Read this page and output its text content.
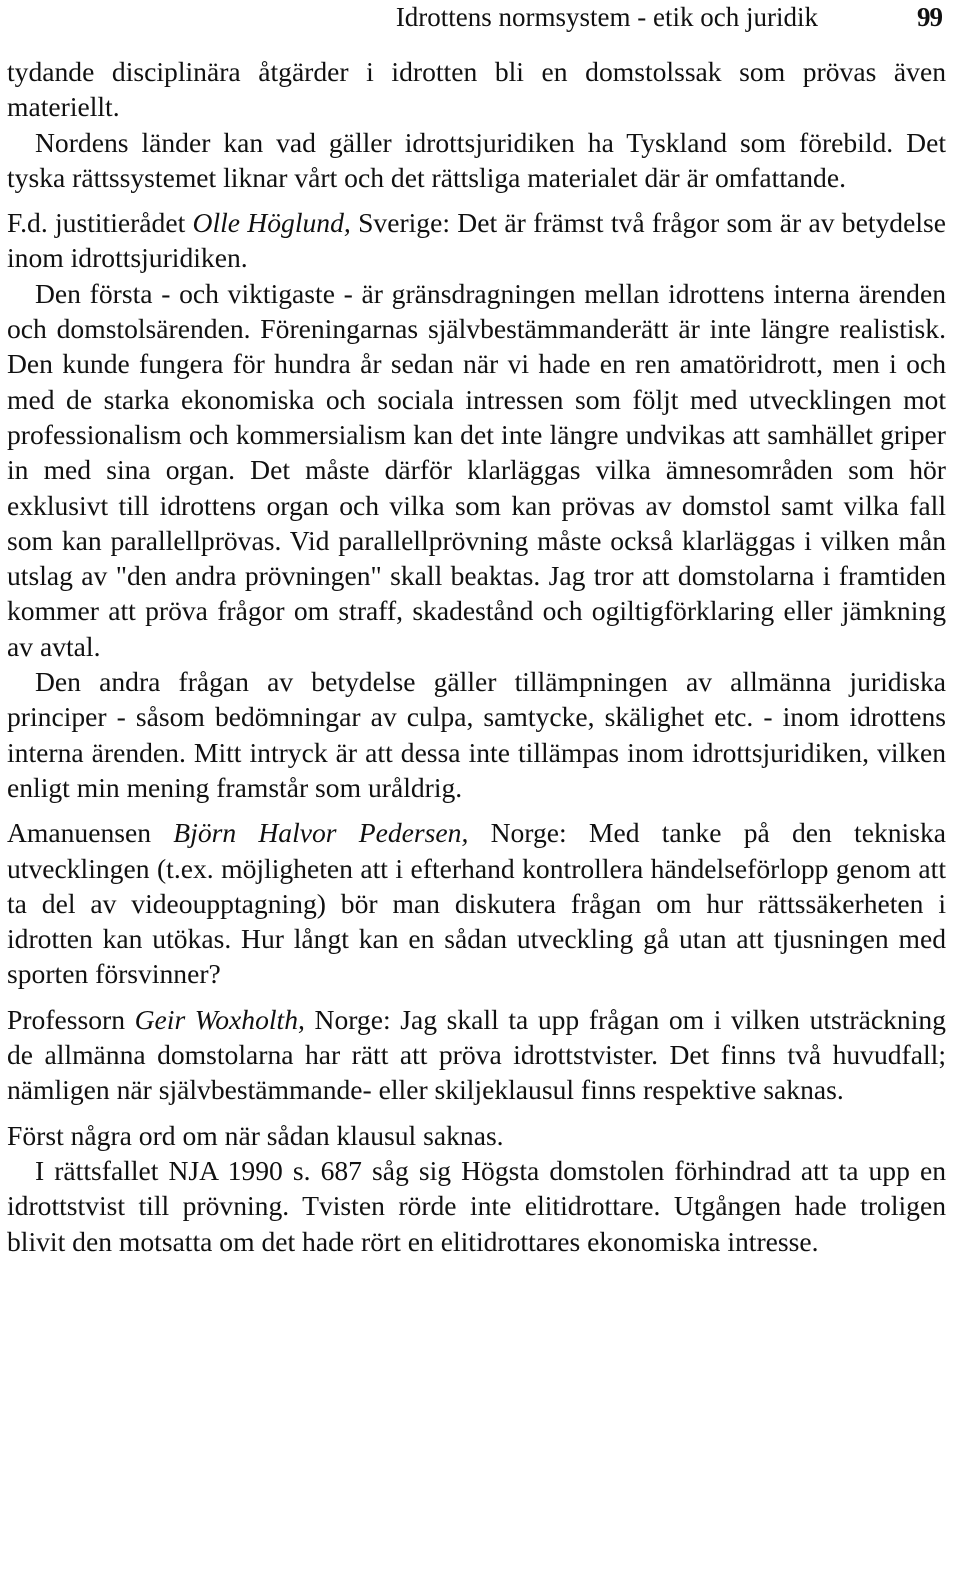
Idrottens normsystem - etik och juridik	99

tydande disciplinära åtgärder i idrotten bli en domstolssak som prövas även materiellt.

Nordens länder kan vad gäller idrottsjuridiken ha Tyskland som förebild. Det tyska rättssystemet liknar vårt och det rättsliga materialet där är omfattande.

F.d. justitierådet Olle Höglund, Sverige: Det är främst två frågor som är av betydelse inom idrottsjuridiken.

Den första - och viktigaste - är gränsdragningen mellan idrottens interna ärenden och domstolsärenden. Föreningarnas självbestämmanderätt är inte längre realistisk. Den kunde fungera för hundra år sedan när vi hade en ren amatöridrott, men i och med de starka ekonomiska och sociala intressen som följt med utvecklingen mot professionalism och kommersialism kan det inte längre undvikas att samhället griper in med sina organ. Det måste därför klarläggas vilka ämnesområden som hör exklusivt till idrottens organ och vilka som kan prövas av domstol samt vilka fall som kan parallellprövas. Vid parallellprövning måste också klarläggas i vilken mån utslag av "den andra prövningen" skall beaktas. Jag tror att domstolarna i framtiden kommer att pröva frågor om straff, skadestånd och ogiltigförklaring eller jämkning av avtal.

Den andra frågan av betydelse gäller tillämpningen av allmänna juridiska principer - såsom bedömningar av culpa, samtycke, skälighet etc. - inom idrottens interna ärenden. Mitt intryck är att dessa inte tillämpas inom idrottsjuridiken, vilken enligt min mening framstår som uråldrig.

Amanuensen Björn Halvor Pedersen, Norge: Med tanke på den tekniska utvecklingen (t.ex. möjligheten att i efterhand kontrollera händelseförlopp genom att ta del av videoupptagning) bör man diskutera frågan om hur rättssäkerheten i idrotten kan utökas. Hur långt kan en sådan utveckling gå utan att tjusningen med sporten försvinner?

Professorn Geir Woxholth, Norge: Jag skall ta upp frågan om i vilken utsträckning de allmänna domstolarna har rätt att pröva idrottstvister. Det finns två huvudfall; nämligen när självbestämmande- eller skiljeklausul finns respektive saknas.

Först några ord om när sådan klausul saknas.

I rättsfallet NJA 1990 s. 687 såg sig Högsta domstolen förhindrad att ta upp en idrottstvist till prövning. Tvisten rörde inte elitidrottare. Utgången hade troligen blivit den motsatta om det hade rört en elitidrottares ekonomiska intresse.
